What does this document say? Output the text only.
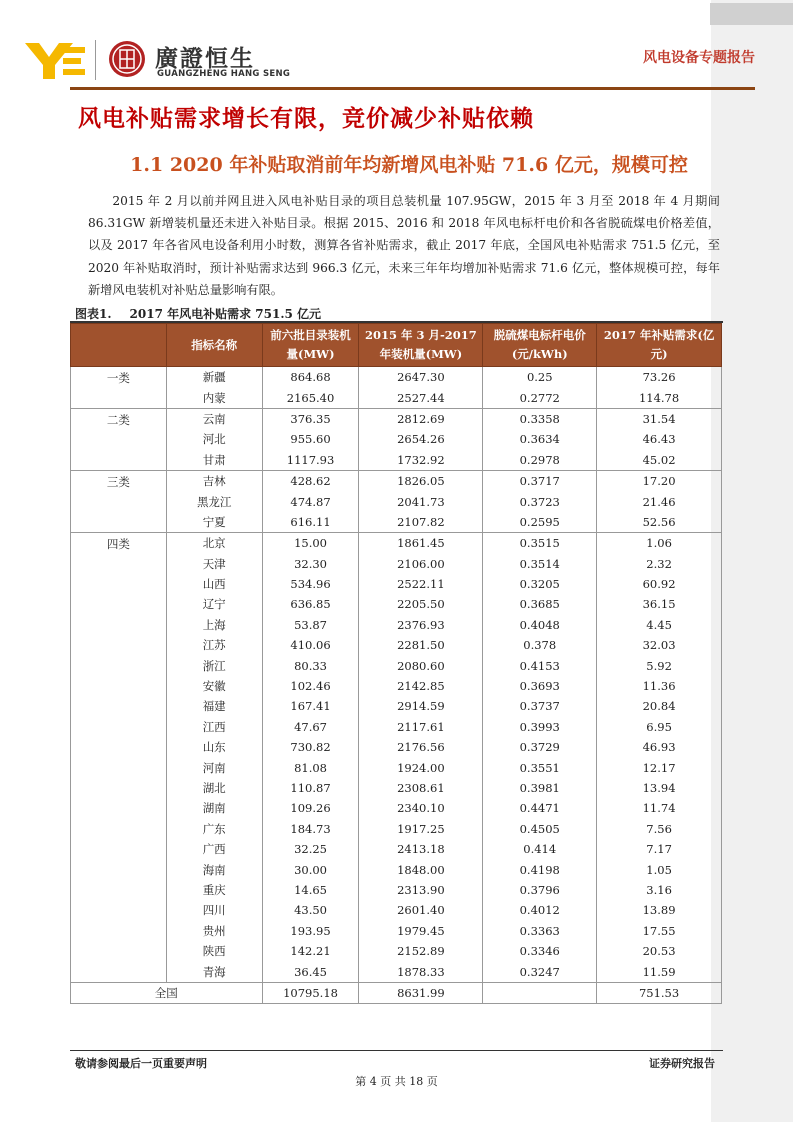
廣證恒生
GUANGZHENG HANG SENG
风电设备专题报告
风电补贴需求增长有限，竞价减少补贴依赖
1.1 2020 年补贴取消前年均新增风电补贴 71.6 亿元，规模可控

2015 年 2 月以前并网且进入风电补贴目录的项目总装机量 107.95GW，2015 年 3 月至 2018 年 4 月期间 86.31GW 新增装机量还未进入补贴目录。根据 2015、2016 和 2018 年风电标杆电价和各省脱硫煤电价格差值，以及 2017 年各省风电设备利用小时数，测算各省补贴需求，截止 2017 年底，全国风电补贴需求 751.5 亿元，至 2020 年补贴取消时，预计补贴需求达到 966.3 亿元，未来三年年均增加补贴需求 71.6 亿元，整体规模可控，每年新增风电装机对补贴总量影响有限。

图表1. 2017 年风电补贴需求 751.5 亿元
	指标名称	前六批目录装机量(MW)	2015 年 3 月-2017 年装机量(MW)	脱硫煤电标杆电价(元/kWh)	2017 年补贴需求(亿元)
一类	新疆	864.68	2647.30	0.25	73.26
	内蒙	2165.40	2527.44	0.2772	114.78
二类	云南	376.35	2812.69	0.3358	31.54
	河北	955.60	2654.26	0.3634	46.43
	甘肃	1117.93	1732.92	0.2978	45.02
三类	吉林	428.62	1826.05	0.3717	17.20
	黑龙江	474.87	2041.73	0.3723	21.46
	宁夏	616.11	2107.82	0.2595	52.56
四类	北京	15.00	1861.45	0.3515	1.06
	天津	32.30	2106.00	0.3514	2.32
	山西	534.96	2522.11	0.3205	60.92
	辽宁	636.85	2205.50	0.3685	36.15
	上海	53.87	2376.93	0.4048	4.45
	江苏	410.06	2281.50	0.378	32.03
	浙江	80.33	2080.60	0.4153	5.92
	安徽	102.46	2142.85	0.3693	11.36
	福建	167.41	2914.59	0.3737	20.84
	江西	47.67	2117.61	0.3993	6.95
	山东	730.82	2176.56	0.3729	46.93
	河南	81.08	1924.00	0.3551	12.17
	湖北	110.87	2308.61	0.3981	13.94
	湖南	109.26	2340.10	0.4471	11.74
	广东	184.73	1917.25	0.4505	7.56
	广西	32.25	2413.18	0.414	7.17
	海南	30.00	1848.00	0.4198	1.05
	重庆	14.65	2313.90	0.3796	3.16
	四川	43.50	2601.40	0.4012	13.89
	贵州	193.95	1979.45	0.3363	17.55
	陕西	142.21	2152.89	0.3346	20.53
	青海	36.45	1878.33	0.3247	11.59
全国		10795.18	8631.99		751.53
敬请参阅最后一页重要声明	证券研究报告
第 4 页 共 18 页
